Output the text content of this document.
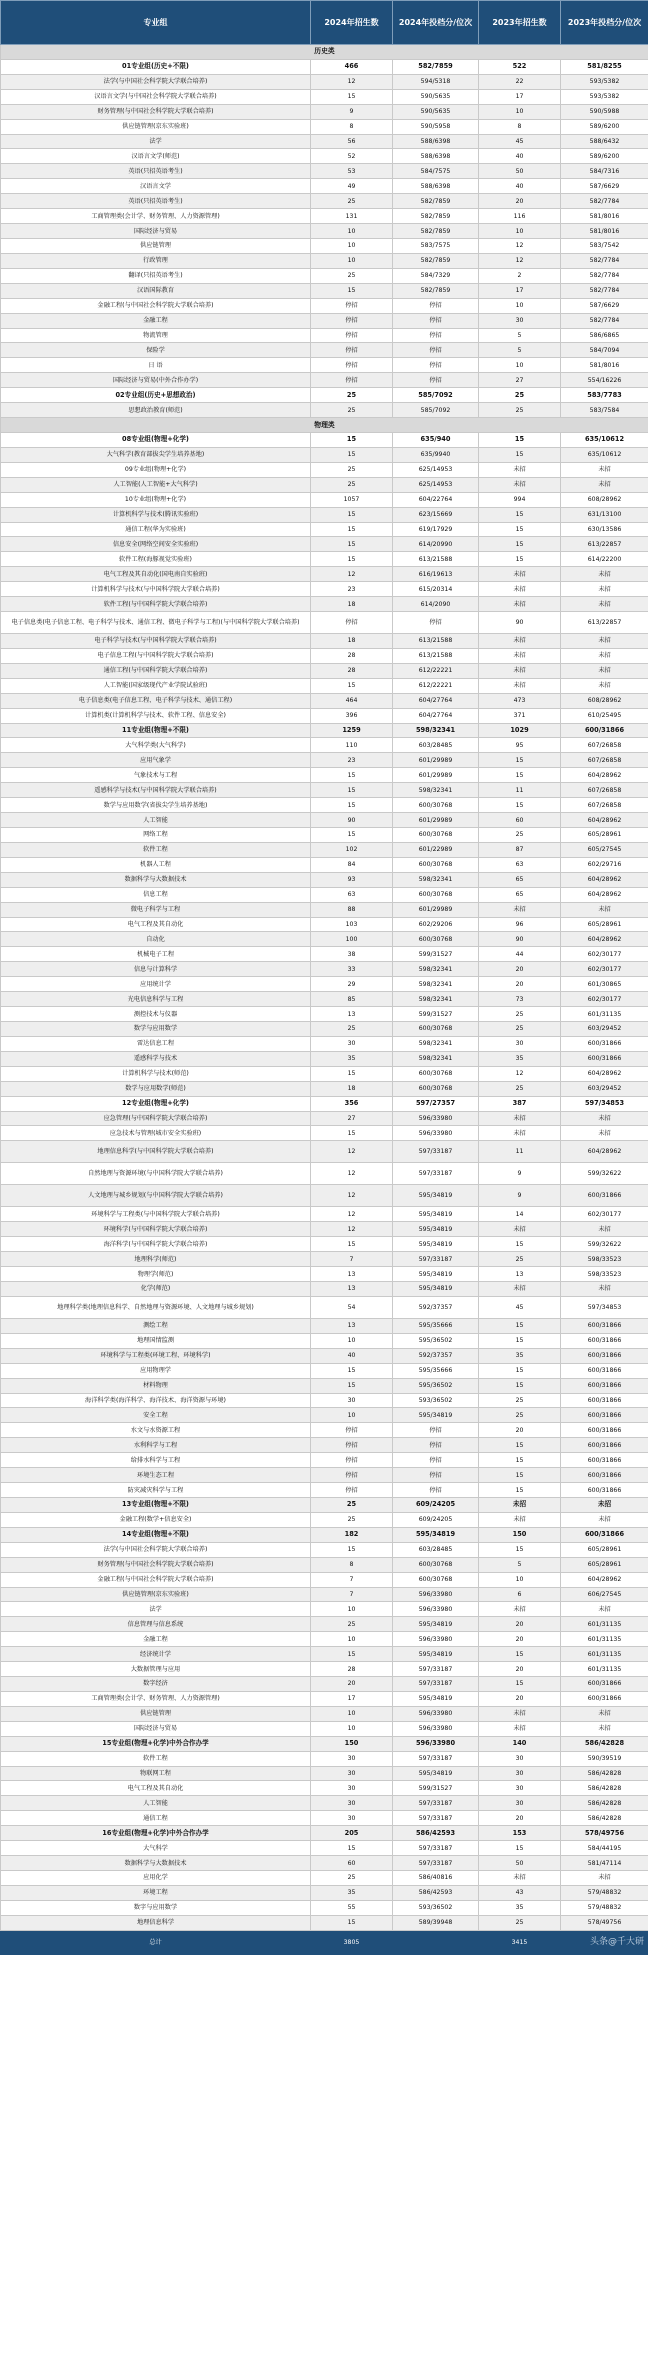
专业组	2024年招生数	2024年投档分/位次	2023年招生数	2023年投档分/位次
历史类				
01专业组(历史+不限)	466	582/7859	522	581/8255
法学(与中国社会科学院大学联合培养)	12	594/5318	22	593/5382
汉语言文学(与中国社会科学院大学联合培养)	15	590/5635	17	593/5382
财务管理(与中国社会科学院大学联合培养)	9	590/5635	10	590/5988
供应链管理(京东实验班)	8	590/5958	8	589/6200
法学	56	588/6398	45	588/6432
汉语言文学(师范)	52	588/6398	40	589/6200
英语(只招英语考生)	53	584/7575	50	584/7316
汉语言文学	49	588/6398	40	587/6629
英语(只招英语考生)	25	582/7859	20	582/7784
工商管理类(会计学、财务管理、人力资源管理)	131	582/7859	116	581/8016
国际经济与贸易	10	582/7859	10	581/8016
供应链管理	10	583/7575	12	583/7542
行政管理	10	582/7859	12	582/7784
翻译(只招英语考生)	25	584/7329	2	582/7784
汉语国际教育	15	582/7859	17	582/7784
金融工程(与中国社会科学院大学联合培养)	停招	停招	10	587/6629
金融工程	停招	停招	30	582/7784
物流管理	停招	停招	5	586/6865
保险学	停招	停招	5	584/7094
日 语	停招	停招	10	581/8016
国际经济与贸易(中外合作办学)	停招	停招	27	554/16226
02专业组(历史+思想政治)	25	585/7092	25	583/7783
思想政治教育(师范)	25	585/7092	25	583/7584
物理类				
08专业组(物理+化学)	15	635/940	15	635/10612
大气科学(教育部拔尖学生培养基地)	15	635/9940	15	635/10612
09专业组(物理+化学)	25	625/14953	未招	未招
人工智能(人工智能+大气科学)	25	625/14953	未招	未招
10专业组(物理+化学)	1057	604/22764	994	608/28962
计算机科学与技术(腾讯实验班)	15	623/15669	15	631/13100
通信工程(华为实验班)	15	619/17929	15	630/13586
信息安全(网络空间安全实验班)	15	614/20990	15	613/22857
软件工程(海豚视觉实验班)	15	613/21588	15	614/22200
电气工程及其自动化(国电南自实验班)	12	616/19613	未招	未招
计算机科学与技术(与中国科学院大学联合培养)	23	615/20314	未招	未招
软件工程(与中国科学院大学联合培养)	18	614/2090	未招	未招
电子信息类(电子信息工程、电子科学与技术、通信工程、微电子科学与工程)(与中国科学院大学联合培养)	停招	停招	90	613/22857
电子科学与技术(与中国科学院大学联合培养)	18	613/21588	未招	未招
电子信息工程(与中国科学院大学联合培养)	28	613/21588	未招	未招
通信工程(与中国科学院大学联合培养)	28	612/22221	未招	未招
人工智能(国家级现代产业学院试验班)	15	612/22221	未招	未招
电子信息类(电子信息工程、电子科学与技术、通信工程)	464	604/27764	473	608/28962
计算机类(计算机科学与技术、软件工程、信息安全)	396	604/27764	371	610/25495
11专业组(物理+不限)	1259	598/32341	1029	600/31866
大气科学类(大气科学)	110	603/28485	95	607/26858
应用气象学	23	601/29989	15	607/26858
气象技术与工程	15	601/29989	15	604/28962
遥感科学与技术(与中国科学院大学联合培养)	15	598/32341	11	607/26858
数学与应用数学(省拔尖学生培养基地)	15	600/30768	15	607/26858
人工智能	90	601/29989	60	604/28962
网络工程	15	600/30768	25	605/28961
软件工程	102	601/22989	87	605/27545
机器人工程	84	600/30768	63	602/29716
数据科学与大数据技术	93	598/32341	65	604/28962
信息工程	63	600/30768	65	604/28962
微电子科学与工程	88	601/29989	未招	未招
电气工程及其自动化	103	602/29206	96	605/28961
自动化	100	600/30768	90	604/28962
机械电子工程	38	599/31527	44	602/30177
信息与计算科学	33	598/32341	20	602/30177
应用统计学	29	598/32341	20	601/30865
光电信息科学与工程	85	598/32341	73	602/30177
测控技术与仪器	13	599/31527	25	601/31135
数学与应用数学	25	600/30768	25	603/29452
雷达信息工程	30	598/32341	30	600/31866
遥感科学与技术	35	598/32341	35	600/31866
计算机科学与技术(师范)	15	600/30768	12	604/28962
数学与应用数学(师范)	18	600/30768	25	603/29452
12专业组(物理+化学)	356	597/27357	387	597/34853
应急管理(与中国科学院大学联合培养)	27	596/33980	未招	未招
应急技术与管理(城市安全实验班)	15	596/33980	未招	未招
地理信息科学(与中国科学院大学联合培养)	12	597/33187	11	604/28962
自然地理与资源环境(与中国科学院大学联合培养)	12	597/33187	9	599/32622
人文地理与城乡规划(与中国科学院大学联合培养)	12	595/34819	9	600/31866
环境科学与工程类(与中国科学院大学联合培养)	12	595/34819	14	602/30177
环境科学(与中国科学院大学联合培养)	12	595/34819	未招	未招
海洋科学(与中国科学院大学联合培养)	15	595/34819	15	599/32622
地理科学(师范)	7	597/33187	25	598/33523
物理学(师范)	13	595/34819	13	598/33523
化学(师范)	13	595/34819	未招	未招
地理科学类(地理信息科学、自然地理与资源环境、人文地理与城乡规划)	54	592/37357	45	597/34853
测绘工程	13	595/35666	15	600/31866
地理国情监测	10	595/36502	15	600/31866
环境科学与工程类(环境工程、环境科学)	40	592/37357	35	600/31866
应用物理学	15	595/35666	15	600/31866
材料物理	15	595/36502	15	600/31866
海洋科学类(海洋科学、海洋技术、海洋资源与环境)	30	593/36502	25	600/31866
安全工程	10	595/34819	25	600/31866
水文与水资源工程	停招	停招	20	600/31866
水利科学与工程	停招	停招	15	600/31866
给排水科学与工程	停招	停招	15	600/31866
环境生态工程	停招	停招	15	600/31866
防灾减灾科学与工程	停招	停招	15	600/31866
13专业组(物理+不限)	25	609/24205	未招	未招
金融工程(数学+信息安全)	25	609/24205	未招	未招
14专业组(物理+不限)	182	595/34819	150	600/31866
法学(与中国社会科学院大学联合培养)	15	603/28485	15	605/28961
财务管理(与中国社会科学院大学联合培养)	8	600/30768	5	605/28961
金融工程(与中国社会科学院大学联合培养)	7	600/30768	10	604/28962
供应链管理(京东实验班)	7	596/33980	6	606/27545
法学	10	596/33980	未招	未招
信息管理与信息系统	25	595/34819	20	601/31135
金融工程	10	596/33980	20	601/31135
经济统计学	15	595/34819	15	601/31135
大数据管理与应用	28	597/33187	20	601/31135
数字经济	20	597/33187	15	600/31866
工商管理类(会计学、财务管理、人力资源管理)	17	595/34819	20	600/31866
供应链管理	10	596/33980	未招	未招
国际经济与贸易	10	596/33980	未招	未招
15专业组(物理+化学)中外合作办学	150	596/33980	140	586/42828
软件工程	30	597/33187	30	590/39519
物联网工程	30	595/34819	30	586/42828
电气工程及其自动化	30	599/31527	30	586/42828
人工智能	30	597/33187	30	586/42828
通信工程	30	597/33187	20	586/42828
16专业组(物理+化学)中外合作办学	205	586/42593	153	578/49756
大气科学	15	597/33187	15	584/44195
数据科学与大数据技术	60	597/33187	50	581/47114
应用化学	25	586/40816	未招	未招
环境工程	35	586/42593	43	579/48832
数字与应用数学	55	593/36502	35	579/48832
地理信息科学	15	589/39948	25	578/49756
总计	3805		3415	头条@千大研
